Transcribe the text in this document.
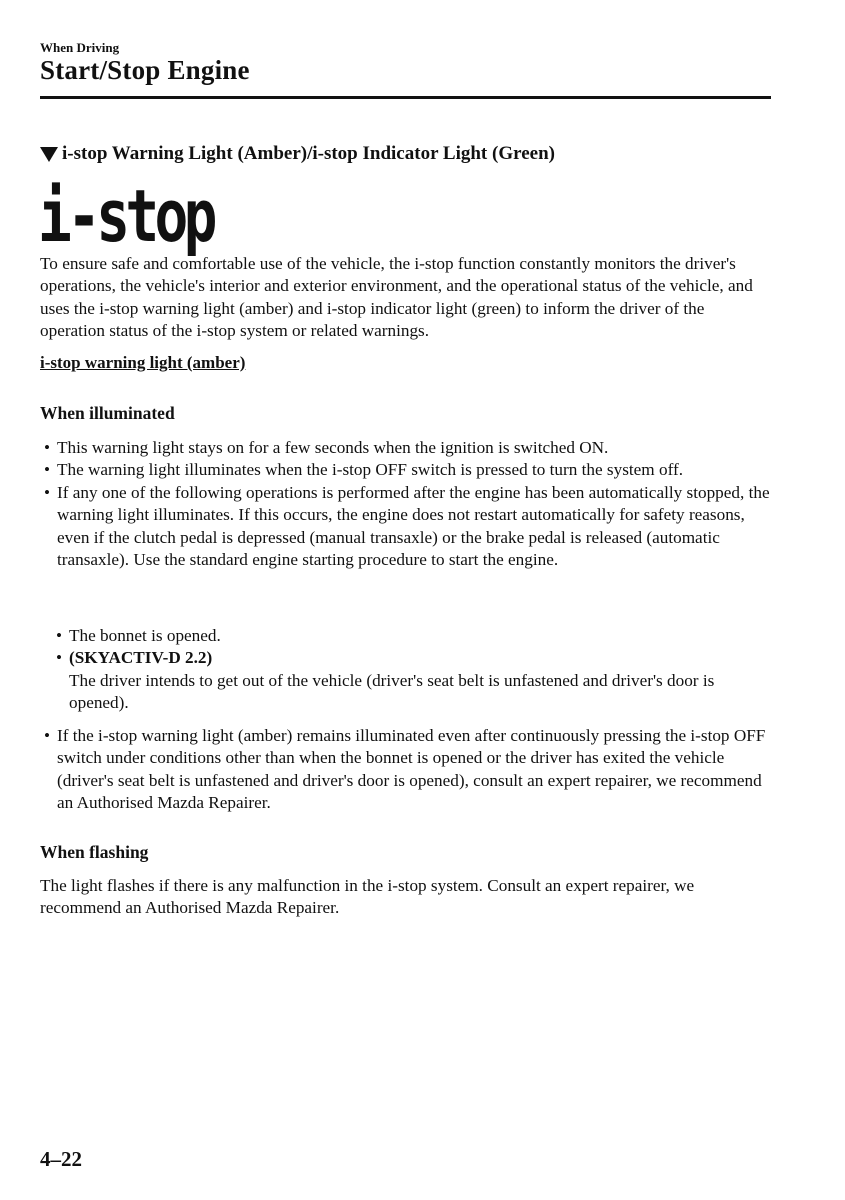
When Driving
Start/Stop Engine
i-stop Warning Light (Amber)/i-stop Indicator Light (Green)
i-stop

To ensure safe and comfortable use of the vehicle, the i-stop function constantly monitors the driver's operations, the vehicle's interior and exterior environment, and the operational status of the vehicle, and uses the i-stop warning light (amber) and i-stop indicator light (green) to inform the driver of the operation status of the i-stop system or related warnings.

i-stop warning light (amber)
When illuminated
• This warning light stays on for a few seconds when the ignition is switched ON.
• The warning light illuminates when the i-stop OFF switch is pressed to turn the system off.
• If any one of the following operations is performed after the engine has been automatically stopped, the warning light illuminates. If this occurs, the engine does not restart automatically for safety reasons, even if the clutch pedal is depressed (manual transaxle) or the brake pedal is released (automatic transaxle). Use the standard engine starting procedure to start the engine.
• The bonnet is opened.
• (SKYACTIV-D 2.2)
The driver intends to get out of the vehicle (driver's seat belt is unfastened and driver's door is opened).
• If the i-stop warning light (amber) remains illuminated even after continuously pressing the i-stop OFF switch under conditions other than when the bonnet is opened or the driver has exited the vehicle (driver's seat belt is unfastened and driver's door is opened), consult an expert repairer, we recommend an Authorised Mazda Repairer.
When flashing

The light flashes if there is any malfunction in the i-stop system. Consult an expert repairer, we recommend an Authorised Mazda Repairer.

4–22
